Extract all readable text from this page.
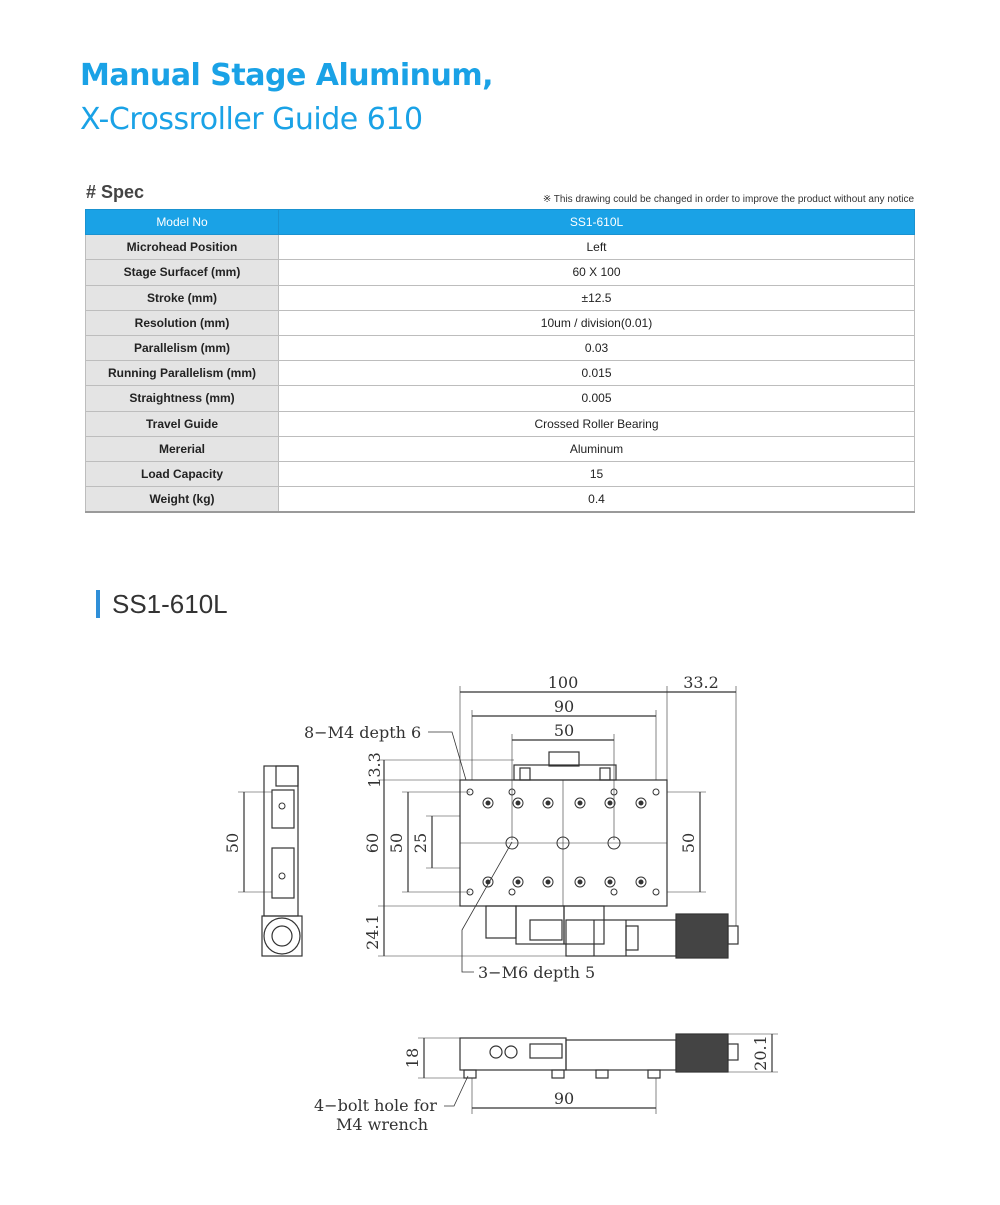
Manual Stage Aluminum,
X-Crossroller Guide 610
# Spec	※ This drawing could be changed in order to improve the product without any notice
Model No	SS1-610L
Microhead Position	Left
Stage Surfacef (mm)	60 X 100
Stroke (mm)	±12.5
Resolution (mm)	10um / division(0.01)
Parallelism (mm)	0.03
Running Parallelism (mm)	0.015
Straightness (mm)	0.005
Travel Guide	Crossed Roller Bearing
Mererial	Aluminum
Load Capacity	15
Weight (kg)	0.4
SS1-610L
100	33.2
90
50
8−M4 depth 6
13.3
60 50 25	50
24.1
50
3−M6 depth 5
18	20.1
90
4−bolt hole for
M4 wrench
